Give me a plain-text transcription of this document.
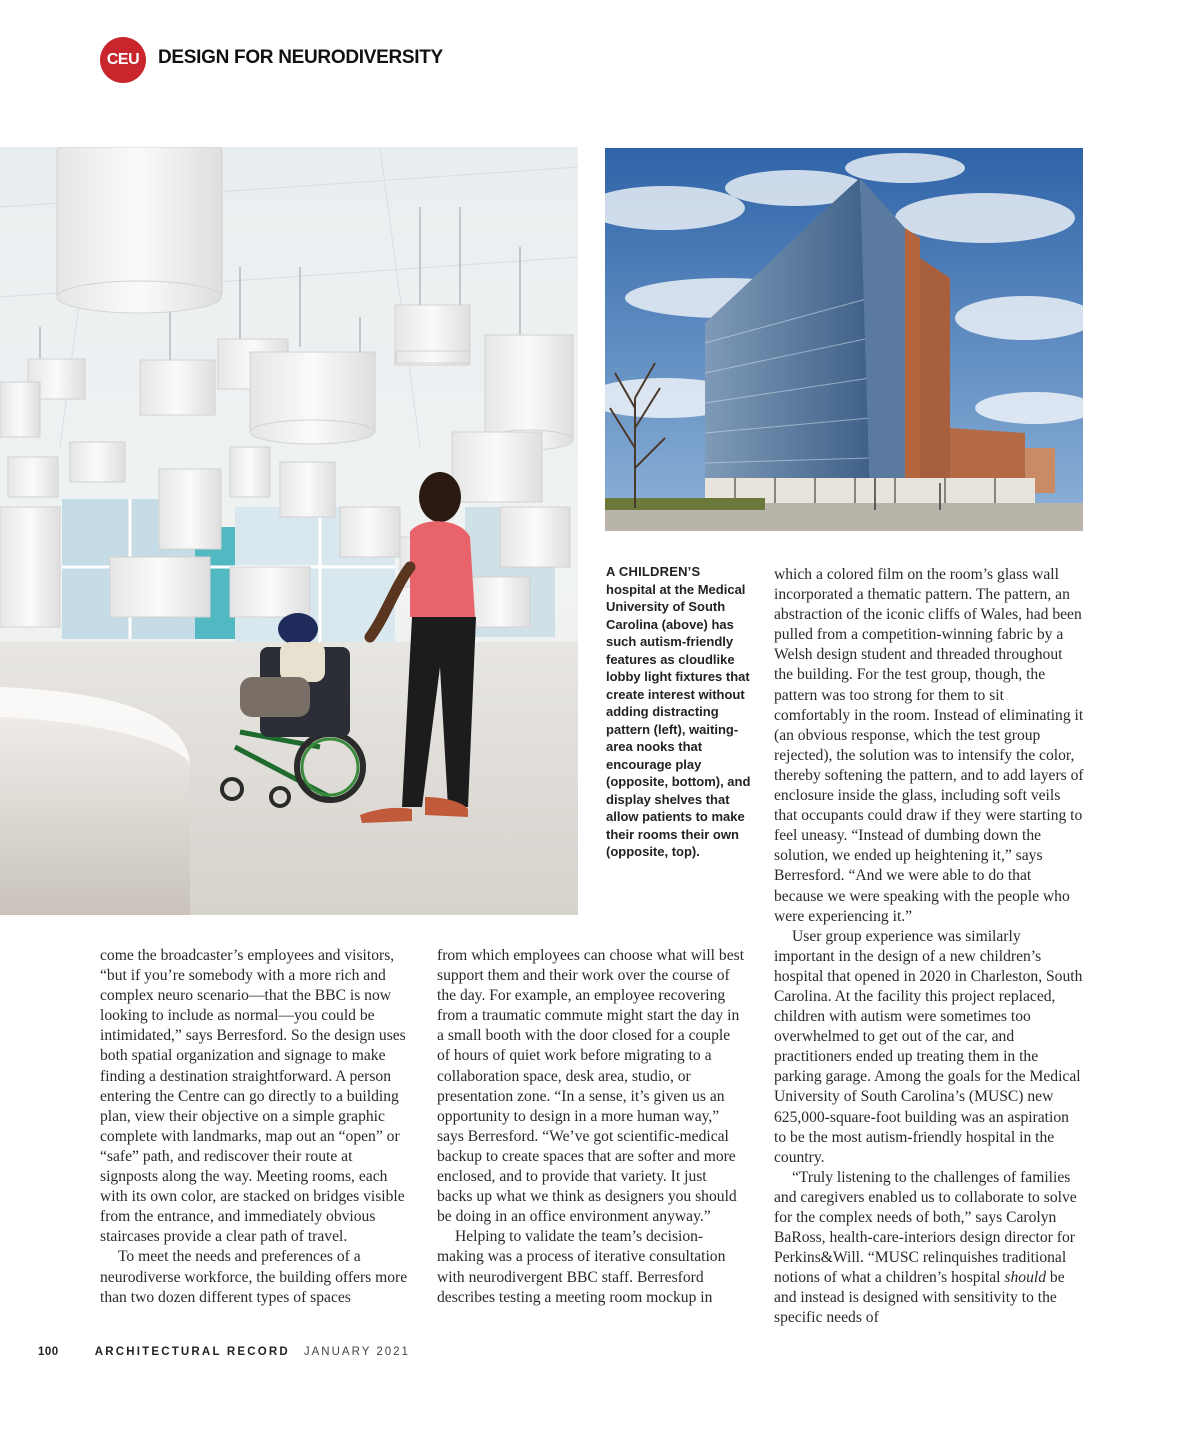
CEU DESIGN FOR NEURODIVERSITY
A CHILDREN’S
hospital at the Medical University of South Carolina (above) has such autism-friendly features as cloudlike lobby light fixtures that create interest without adding distracting pattern (left), waiting-area nooks that encourage play (opposite, bottom), and display shelves that allow patients to make their rooms their own (opposite, top).

come the broadcaster’s employees and visitors, “but if you’re somebody with a more rich and complex neuro scenario—that the BBC is now looking to include as normal—you could be intimidated,” says Berresford. So the design uses both spatial organization and signage to make finding a destination straightforward. A person entering the Centre can go directly to a building plan, view their objective on a simple graphic complete with landmarks, map out an “open” or “safe” path, and rediscover their route at signposts along the way. Meeting rooms, each with its own color, are stacked on bridges visible from the entrance, and immediately obvious staircases provide a clear path of travel.

To meet the needs and preferences of a neurodiverse workforce, the building offers more than two dozen different types of spaces

from which employees can choose what will best support them and their work over the course of the day. For example, an employee recovering from a traumatic commute might start the day in a small booth with the door closed for a couple of hours of quiet work before migrating to a collaboration space, desk area, studio, or presentation zone. “In a sense, it’s given us an opportunity to design in a more human way,” says Berresford. “We’ve got scientific-medical backup to create spaces that are softer and more enclosed, and to provide that variety. It just backs up what we think as designers you should be doing in an office environment anyway.”

Helping to validate the team’s decision-making was a process of iterative consultation with neurodivergent BBC staff. Berresford describes testing a meeting room mockup in

which a colored film on the room’s glass wall incorporated a thematic pattern. The pattern, an abstraction of the iconic cliffs of Wales, had been pulled from a competition-winning fabric by a Welsh design student and threaded throughout the building. For the test group, though, the pattern was too strong for them to sit comfortably in the room. Instead of eliminating it (an obvious response, which the test group rejected), the solution was to intensify the color, thereby softening the pattern, and to add layers of enclosure inside the glass, including soft veils that occupants could draw if they were starting to feel uneasy. “Instead of dumbing down the solution, we ended up heightening it,” says Berresford. “And we were able to do that because we were speaking with the people who were experiencing it.”

User group experience was similarly important in the design of a new children’s hospital that opened in 2020 in Charleston, South Carolina. At the facility this project replaced, children with autism were sometimes too overwhelmed to get out of the car, and practitioners ended up treating them in the parking garage. Among the goals for the Medical University of South Carolina’s (MUSC) new 625,000-square-foot building was an aspiration to be the most autism-friendly hospital in the country.

“Truly listening to the challenges of families and caregivers enabled us to collaborate to solve for the complex needs of both,” says Carolyn BaRoss, health-care-interiors design director for Perkins&Will. “MUSC relinquishes traditional notions of what a children’s hospital should be and instead is designed with sensitivity to the specific needs of

100	ARCHITECTURAL RECORD JANUARY 2021
